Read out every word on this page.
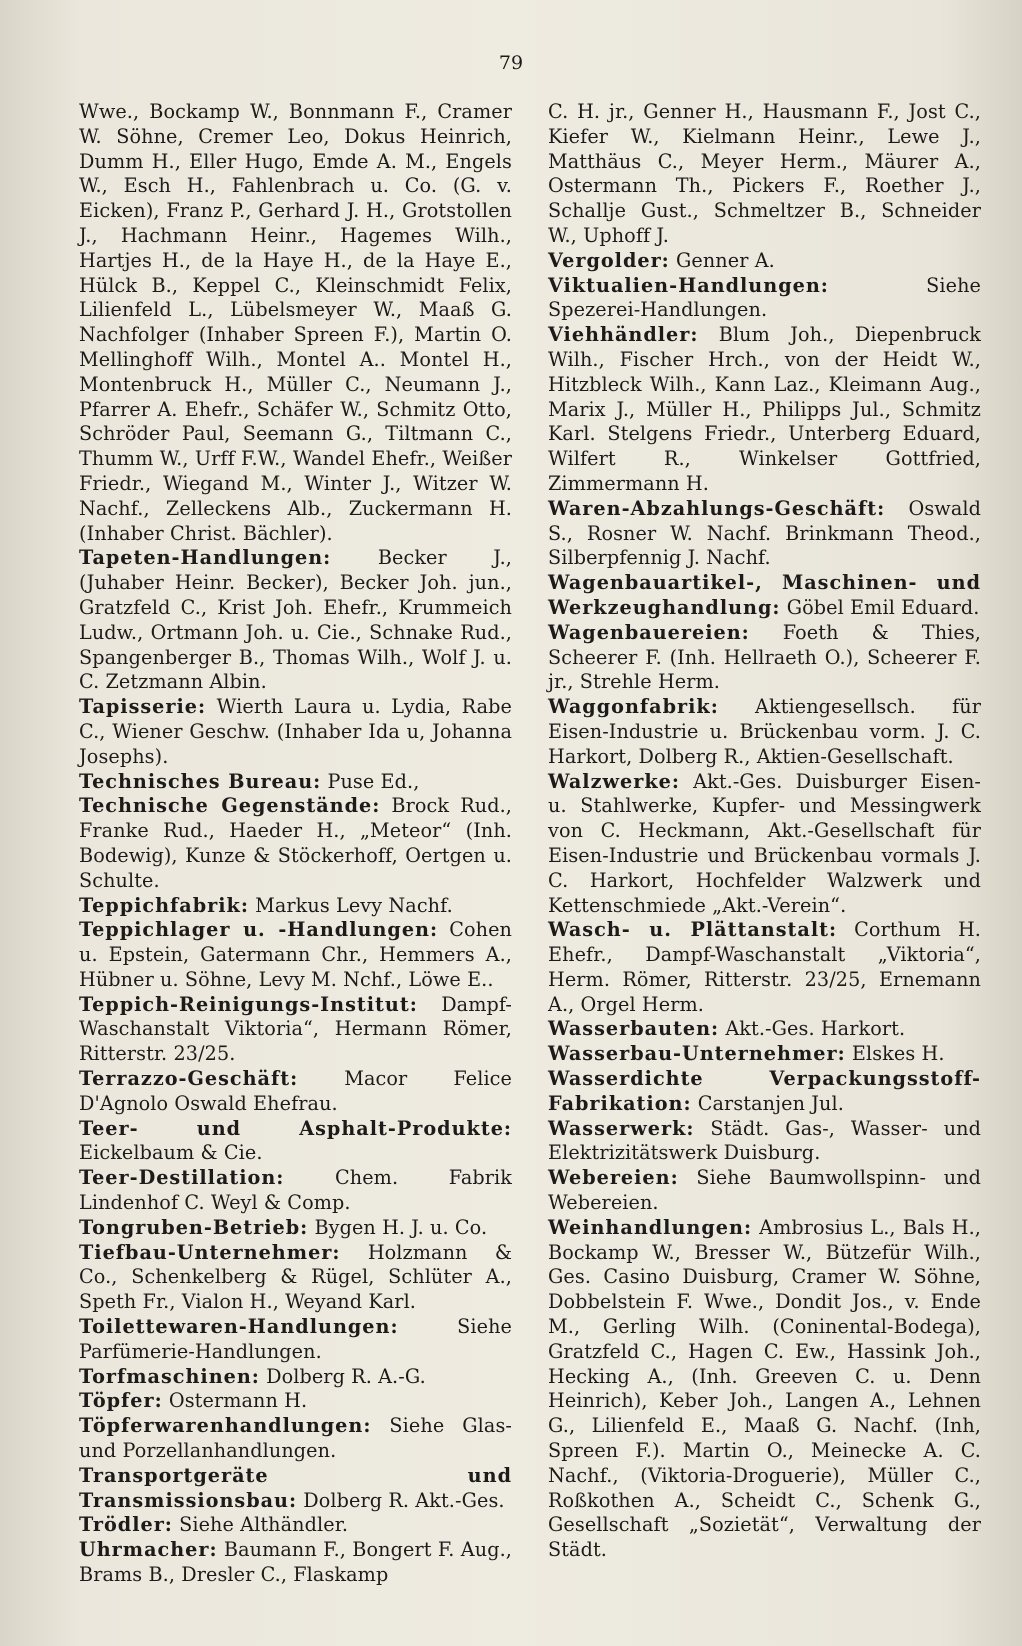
79

Wwe., Bockamp W., Bonnmann F., Cramer W. Söhne, Cremer Leo, Dokus Heinrich, Dumm H., Eller Hugo, Emde A. M., Engels W., Esch H., Fahlenbrach u. Co. (G. v. Eicken), Franz P., Gerhard J. H., Grotstollen J., Hachmann Heinr., Hagemes Wilh., Hartjes H., de la Haye H., de la Haye E., Hülck B., Keppel C., Kleinschmidt Felix, Lilienfeld L., Lübelsmeyer W., Maaß G. Nachfolger (Inhaber Spreen F.), Martin O. Mellinghoff Wilh., Montel A.. Montel H., Montenbruck H., Müller C., Neumann J., Pfarrer A. Ehefr., Schäfer W., Schmitz Otto, Schröder Paul, Seemann G., Tiltmann C., Thumm W., Urff F.W., Wandel Ehefr., Weißer Friedr., Wiegand M., Winter J., Witzer W. Nachf., Zelleckens Alb., Zuckermann H. (Inhaber Christ. Bächler).

Tapeten-Handlungen: Becker J., (Juhaber Heinr. Becker), Becker Joh. jun., Gratzfeld C., Krist Joh. Ehefr., Krummeich Ludw., Ortmann Joh. u. Cie., Schnake Rud., Spangenberger B., Thomas Wilh., Wolf J. u. C. Zetzmann Albin.

Tapisserie: Wierth Laura u. Lydia, Rabe C., Wiener Geschw. (Inhaber Ida u, Johanna Josephs).

Technisches Bureau: Puse Ed.,

Technische Gegenstände: Brock Rud., Franke Rud., Haeder H., „Meteor“ (Inh. Bodewig), Kunze & Stöckerhoff, Oertgen u. Schulte.

Teppichfabrik: Markus Levy Nachf.

Teppichlager u. -Handlungen: Cohen u. Epstein, Gatermann Chr., Hemmers A., Hübner u. Söhne, Levy M. Nchf., Löwe E..

Teppich-Reinigungs-Institut: Dampf-Waschanstalt Viktoria“, Hermann Römer, Ritterstr. 23/25.

Terrazzo-Geschäft: Macor Felice D'Agnolo Oswald Ehefrau.

Teer- und Asphalt-Produkte: Eickelbaum & Cie.

Teer-Destillation:	Chem. Fabrik Lindenhof C. Weyl & Comp.

Tongruben-Betrieb: Bygen H. J. u. Co.

Tiefbau-Unternehmer: Holzmann & Co., Schenkelberg & Rügel, Schlüter A., Speth Fr., Vialon H., Weyand Karl.

Toilettewaren-Handlungen:	Siehe Parfümerie-Handlungen.

Torfmaschinen: Dolberg R. A.-G.

Töpfer: Ostermann H.

Töpferwarenhandlungen: Siehe Glas- und Porzellanhandlungen.

Transportgeräte und Transmissionsbau: Dolberg R. Akt.-Ges.

Trödler: Siehe Althändler.

Uhrmacher: Baumann F., Bongert F. Aug., Brams B., Dresler C., Flaskamp

C. H. jr., Genner H., Hausmann F., Jost C., Kiefer W., Kielmann Heinr., Lewe J., Matthäus C., Meyer Herm., Mäurer A., Ostermann Th., Pickers F., Roether J., Schallje Gust., Schmeltzer B., Schneider W., Uphoff J.

Vergolder: Genner A.

Viktualien-Handlungen:	Siehe Spezerei-Handlungen.

Viehhändler: Blum Joh., Diepenbruck Wilh., Fischer Hrch., von der Heidt W., Hitzbleck Wilh., Kann Laz., Kleimann Aug., Marix J., Müller H., Philipps Jul., Schmitz Karl. Stelgens Friedr., Unterberg Eduard, Wilfert R., Winkelser Gottfried, Zimmermann H.

Waren-Abzahlungs-Geschäft: Oswald S., Rosner W. Nachf. Brinkmann Theod., Silberpfennig J. Nachf.

Wagenbauartikel-, Maschinen- und Werkzeughandlung: Göbel Emil Eduard.

Wagenbauereien: Foeth & Thies, Scheerer F. (Inh. Hellraeth O.), Scheerer F. jr., Strehle Herm.

Waggonfabrik: Aktiengesellsch. für Eisen-Industrie u. Brückenbau vorm. J. C. Harkort, Dolberg R., Aktien-Gesellschaft.

Walzwerke: Akt.-Ges. Duisburger Eisen- u. Stahlwerke, Kupfer- und Messingwerk von C. Heckmann, Akt.-Gesellschaft für Eisen-Industrie und Brückenbau vormals J. C. Harkort, Hochfelder Walzwerk und Kettenschmiede „Akt.-Verein“.

Wasch- u. Plättanstalt: Corthum H. Ehefr., Dampf-Waschanstalt „Viktoria“, Herm. Römer, Ritterstr. 23/25, Ernemann A., Orgel Herm.

Wasserbauten: Akt.-Ges. Harkort.

Wasserbau-Unternehmer: Elskes H.

Wasserdichte Verpackungsstoff-Fabrikation: Carstanjen Jul.

Wasserwerk: Städt. Gas-, Wasser- und Elektrizitätswerk Duisburg.

Webereien: Siehe Baumwollspinn- und Webereien.

Weinhandlungen: Ambrosius L., Bals H., Bockamp W., Bresser W., Bützefür Wilh., Ges. Casino Duisburg, Cramer W. Söhne, Dobbelstein F. Wwe., Dondit Jos., v. Ende M., Gerling Wilh. (Coninental-Bodega), Gratzfeld C., Hagen C. Ew., Hassink Joh., Hecking A., (Inh. Greeven C. u. Denn Heinrich), Keber Joh., Langen A., Lehnen G., Lilienfeld E., Maaß G. Nachf. (Inh, Spreen F.). Martin O., Meinecke A. C. Nachf., (Viktoria-Droguerie), Müller C., Roßkothen A., Scheidt C., Schenk G., Gesellschaft „Sozietät“, Verwaltung der Städt.
